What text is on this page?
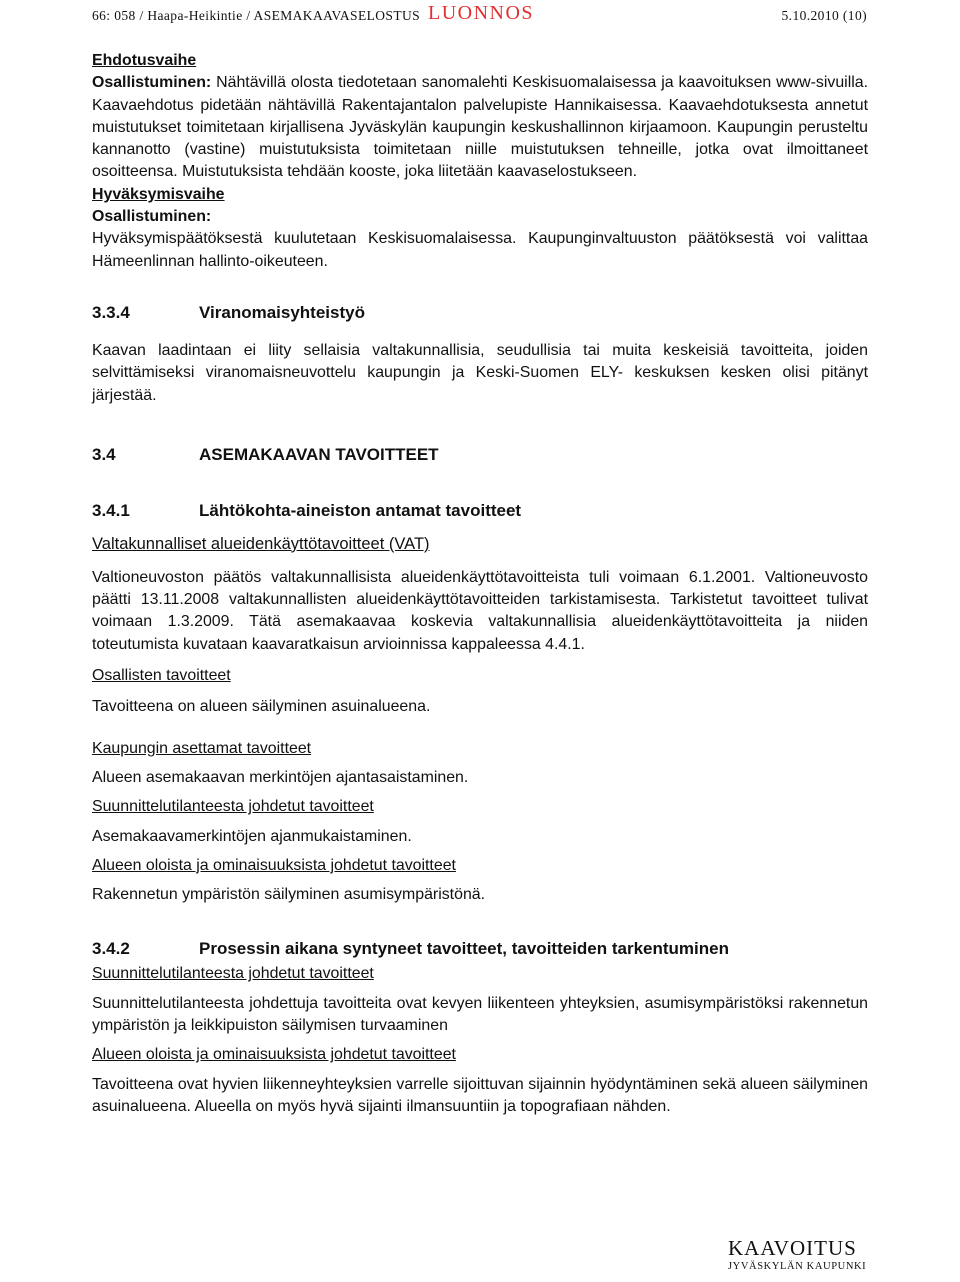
66: 058 / Haapa-Heikintie / ASEMAKAAVASELOSTUS LUONNOS	5.10.2010 (10)

Ehdotusvaihe

Osallistuminen: Nähtävillä olosta tiedotetaan sanomalehti Keskisuomalaisessa ja kaavoituksen www-sivuilla. Kaavaehdotus pidetään nähtävillä Rakentajantalon palvelupiste Hannikaisessa. Kaavaehdotuksesta annetut muistutukset toimitetaan kirjallisena Jyväskylän kaupungin keskushallinnon kirjaamoon. Kaupungin perusteltu kannanotto (vastine) muistutuksista toimitetaan niille muistutuksen tehneille, jotka ovat ilmoittaneet osoitteensa. Muistutuksista tehdään kooste, joka liitetään kaavaselostukseen.

Hyväksymisvaihe

Osallistuminen:

Hyväksymispäätöksestä kuulutetaan Keskisuomalaisessa. Kaupunginvaltuuston päätöksestä voi valittaa Hämeenlinnan hallinto-oikeuteen.

3.3.4	Viranomaisyhteistyö

Kaavan laadintaan ei liity sellaisia valtakunnallisia, seudullisia tai muita keskeisiä tavoitteita, joiden selvittämiseksi viranomaisneuvottelu kaupungin ja Keski-Suomen ELY- keskuksen kesken olisi pitänyt järjestää.

3.4	ASEMAKAAVAN TAVOITTEET
3.4.1	Lähtökohta-aineiston antamat tavoitteet

Valtakunnalliset alueidenkäyttötavoitteet (VAT)

Valtioneuvoston päätös valtakunnallisista alueidenkäyttötavoitteista tuli voimaan 6.1.2001. Valtioneuvosto päätti 13.11.2008 valtakunnallisten alueidenkäyttötavoitteiden tarkistamisesta. Tarkistetut tavoitteet tulivat voimaan 1.3.2009. Tätä asemakaavaa koskevia valtakunnallisia alueidenkäyttötavoitteita ja niiden toteutumista kuvataan kaavaratkaisun arvioinnissa kappaleessa 4.4.1.

Osallisten tavoitteet

Tavoitteena on alueen säilyminen asuinalueena.

Kaupungin asettamat tavoitteet

Alueen asemakaavan merkintöjen ajantasaistaminen.

Suunnittelutilanteesta johdetut tavoitteet

Asemakaavamerkintöjen ajanmukaistaminen.

Alueen oloista ja ominaisuuksista johdetut tavoitteet

Rakennetun ympäristön säilyminen asumisympäristönä.

3.4.2	Prosessin aikana syntyneet tavoitteet, tavoitteiden tarkentuminen

Suunnittelutilanteesta johdetut tavoitteet

Suunnittelutilanteesta johdettuja tavoitteita ovat kevyen liikenteen yhteyksien, asumisympäristöksi rakennetun ympäristön ja leikkipuiston säilymisen turvaaminen

Alueen oloista ja ominaisuuksista johdetut tavoitteet

Tavoitteena ovat hyvien liikenneyhteyksien varrelle sijoittuvan sijainnin hyödyntäminen sekä alueen säilyminen asuinalueena. Alueella on myös hyvä sijainti ilmansuuntiin ja topografiaan nähden.

KAAVOITUS
JYVÄSKYLÄN KAUPUNKI
